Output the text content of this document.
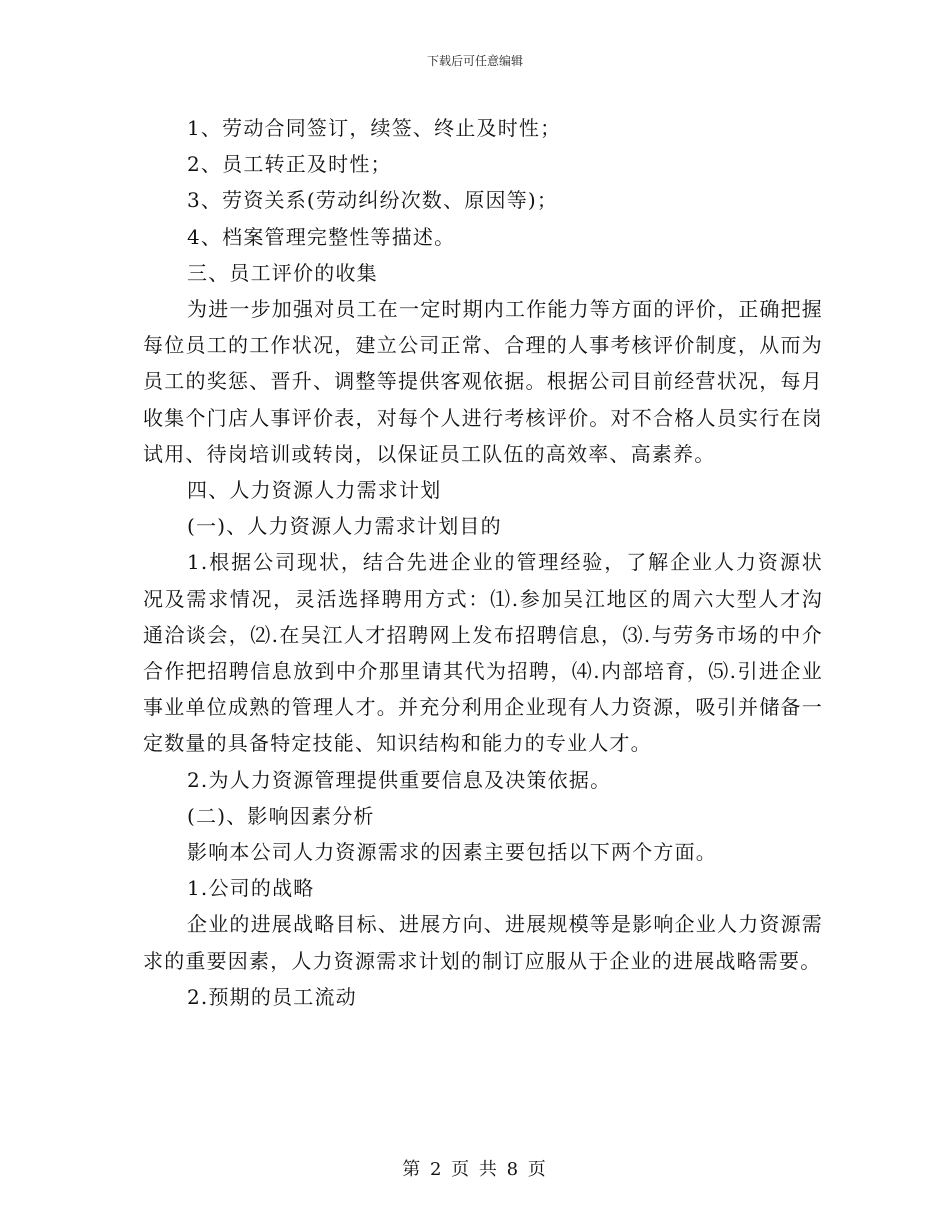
下载后可任意编辑

1、劳动合同签订，续签、终止及时性；

2、员工转正及时性；

3、劳资关系(劳动纠纷次数、原因等)；

4、档案管理完整性等描述。

三、员工评价的收集

为进一步加强对员工在一定时期内工作能力等方面的评价，正确把握每位员工的工作状况，建立公司正常、合理的人事考核评价制度，从而为员工的奖惩、晋升、调整等提供客观依据。根据公司目前经营状况，每月收集个门店人事评价表，对每个人进行考核评价。对不合格人员实行在岗试用、待岗培训或转岗，以保证员工队伍的高效率、高素养。

四、人力资源人力需求计划

(一)、人力资源人力需求计划目的

1.根据公司现状，结合先进企业的管理经验，了解企业人力资源状况及需求情况，灵活选择聘用方式：⑴.参加吴江地区的周六大型人才沟通洽谈会，⑵.在吴江人才招聘网上发布招聘信息，⑶.与劳务市场的中介合作把招聘信息放到中介那里请其代为招聘，⑷.内部培育，⑸.引进企业事业单位成熟的管理人才。并充分利用企业现有人力资源，吸引并储备一定数量的具备特定技能、知识结构和能力的专业人才。

2.为人力资源管理提供重要信息及决策依据。

(二)、影响因素分析

影响本公司人力资源需求的因素主要包括以下两个方面。

1.公司的战略

企业的进展战略目标、进展方向、进展规模等是影响企业人力资源需求的重要因素，人力资源需求计划的制订应服从于企业的进展战略需要。

2.预期的员工流动

第 2 页 共 8 页
